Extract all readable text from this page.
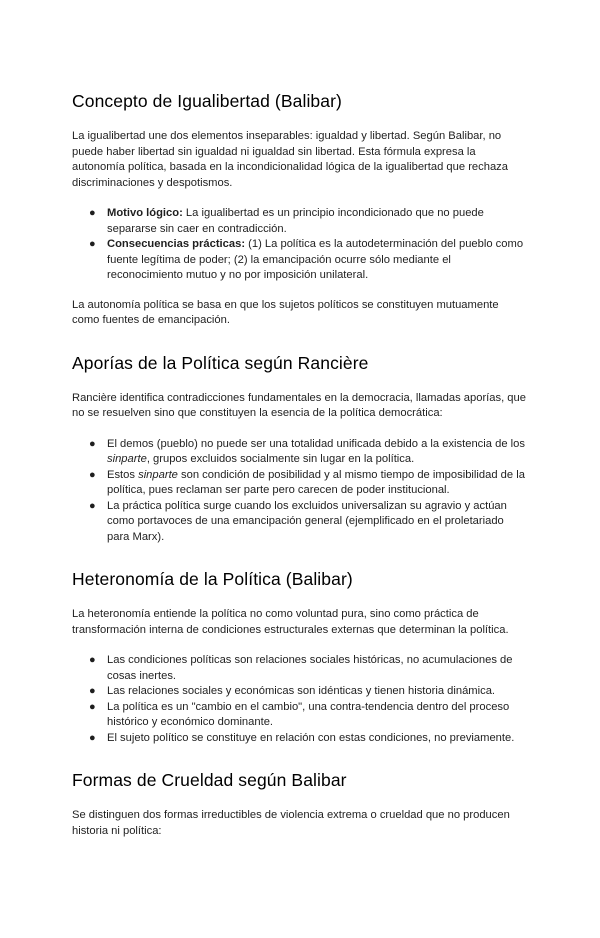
Concepto de Igualibertad (Balibar)

La igualibertad une dos elementos inseparables: igualdad y libertad. Según Balibar, no puede haber libertad sin igualdad ni igualdad sin libertad. Esta fórmula expresa la autonomía política, basada en la incondicionalidad lógica de la igualibertad que rechaza discriminaciones y despotismos.

● Motivo lógico: La igualibertad es un principio incondicionado que no puede separarse sin caer en contradicción.
● Consecuencias prácticas: (1) La política es la autodeterminación del pueblo como fuente legítima de poder; (2) la emancipación ocurre sólo mediante el reconocimiento mutuo y no por imposición unilateral.

La autonomía política se basa en que los sujetos políticos se constituyen mutuamente como fuentes de emancipación.

Aporías de la Política según Rancière

Rancière identifica contradicciones fundamentales en la democracia, llamadas aporías, que no se resuelven sino que constituyen la esencia de la política democrática:

● El demos (pueblo) no puede ser una totalidad unificada debido a la existencia de los sinparte, grupos excluidos socialmente sin lugar en la política.
● Estos sinparte son condición de posibilidad y al mismo tiempo de imposibilidad de la política, pues reclaman ser parte pero carecen de poder institucional.
● La práctica política surge cuando los excluidos universalizan su agravio y actúan como portavoces de una emancipación general (ejemplificado en el proletariado para Marx).
Heteronomía de la Política (Balibar)

La heteronomía entiende la política no como voluntad pura, sino como práctica de transformación interna de condiciones estructurales externas que determinan la política.

● Las condiciones políticas son relaciones sociales históricas, no acumulaciones de cosas inertes.
● Las relaciones sociales y económicas son idénticas y tienen historia dinámica.
● La política es un "cambio en el cambio", una contra-tendencia dentro del proceso histórico y económico dominante.
● El sujeto político se constituye en relación con estas condiciones, no previamente.
Formas de Crueldad según Balibar

Se distinguen dos formas irreductibles de violencia extrema o crueldad que no producen historia ni política:
